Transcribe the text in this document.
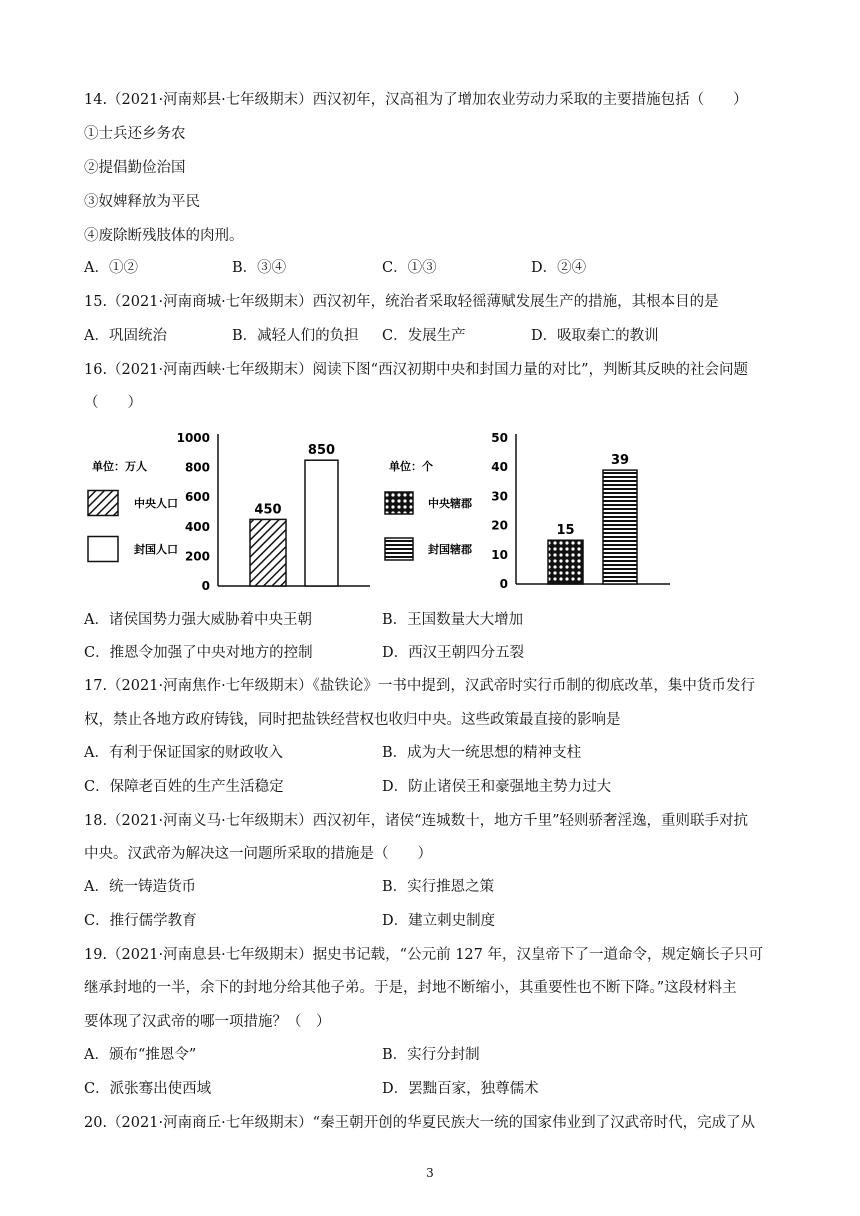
14.（2021·河南郏县·七年级期末）西汉初年，汉高祖为了增加农业劳动力采取的主要措施包括（　　）
①士兵还乡务农
②提倡勤俭治国
③奴婢释放为平民
④废除断残肢体的肉刑。
A．①②	B．③④	C．①③	D．②④
15.（2021·河南商城·七年级期末）西汉初年，统治者采取轻徭薄赋发展生产的措施，其根本目的是
A．巩固统治	B．减轻人们的负担 C．发展生产	D．吸取秦亡的教训
16.（2021·河南西峡·七年级期末）阅读下图“西汉初期中央和封国力量的对比”，判断其反映的社会问题
（　　）
1000
800
600
400
200
0
单位：万人
中央人口
封国人口
450
850
50
40
30
20
10
0
单位：个
中央辖郡
封国辖郡
15
39
A．诸侯国势力强大威胁着中央王朝	B．王国数量大大增加
C．推恩令加强了中央对地方的控制	D．西汉王朝四分五裂
17.（2021·河南焦作·七年级期末）《盐铁论》一书中提到，汉武帝时实行币制的彻底改革，集中货币发行
权，禁止各地方政府铸钱，同时把盐铁经营权也收归中央。这些政策最直接的影响是
A．有利于保证国家的财政收入	B．成为大一统思想的精神支柱
C．保障老百姓的生产生活稳定	D．防止诸侯王和豪强地主势力过大
18.（2021·河南义马·七年级期末）西汉初年，诸侯“连城数十，地方千里”轻则骄奢淫逸，重则联手对抗
中央。汉武帝为解决这一问题所采取的措施是（　　）
A．统一铸造货币	B．实行推恩之策
C．推行儒学教育	D．建立刺史制度
19.（2021·河南息县·七年级期末）据史书记载，“公元前 127 年，汉皇帝下了一道命令，规定嫡长子只可
继承封地的一半，余下的封地分给其他子弟。于是，封地不断缩小，其重要性也不断下降。”这段材料主
要体现了汉武帝的哪一项措施？（　）
A．颁布“推恩令”	B．实行分封制
C．派张骞出使西域	D．罢黜百家，独尊儒术
20.（2021·河南商丘·七年级期末）“秦王朝开创的华夏民族大一统的国家伟业到了汉武帝时代，完成了从
3
